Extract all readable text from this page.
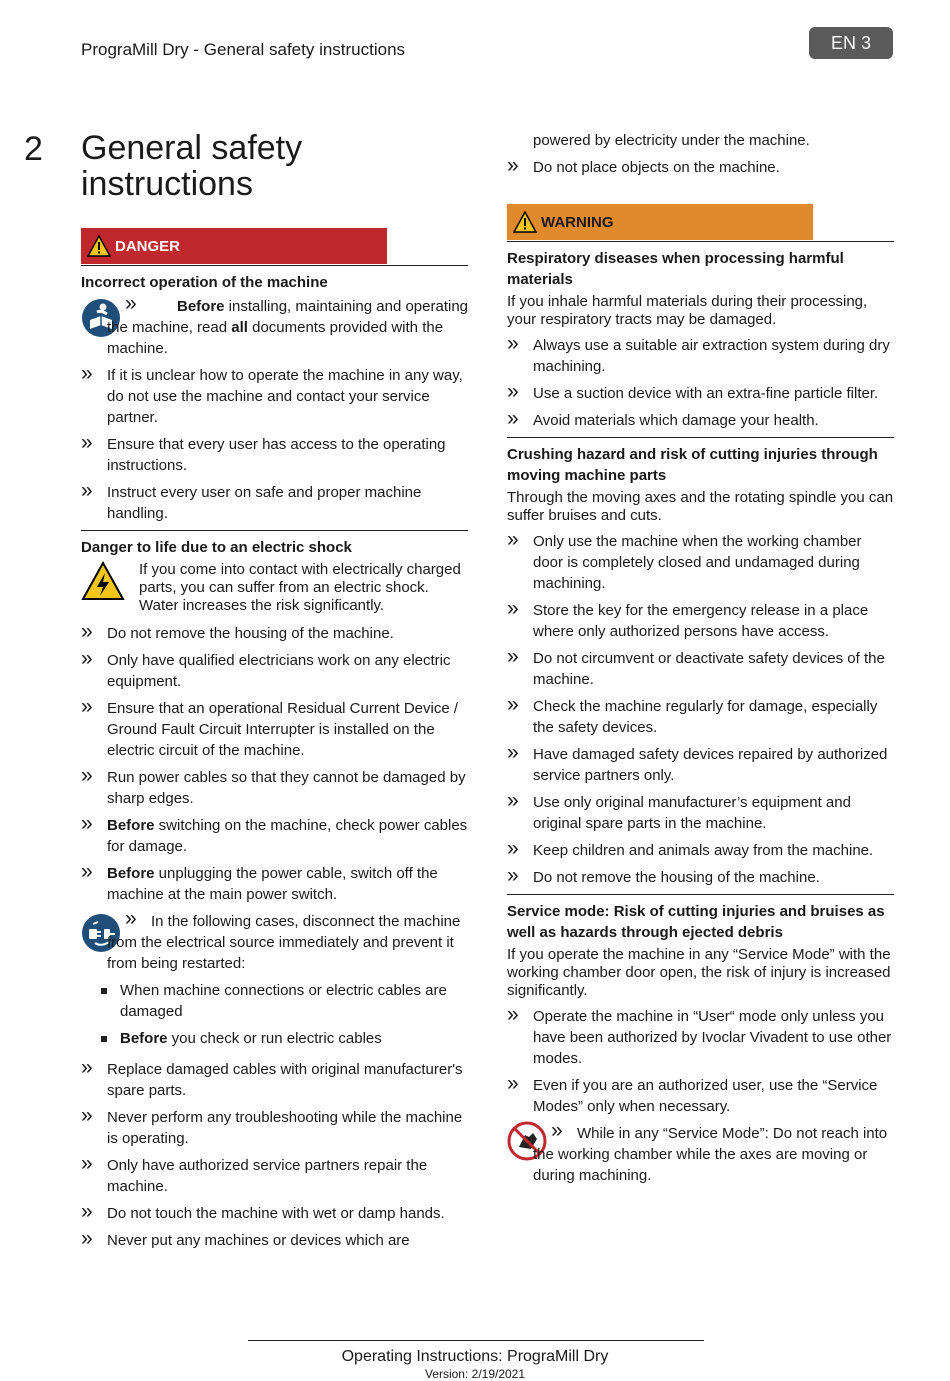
PrograMill Dry - General safety instructions	EN 3
2 General safety instructions
DANGER

Incorrect operation of the machine

»	Before installing, maintaining and operating the machine, read all documents provided with the machine.
» If it is unclear how to operate the machine in any way, do not use the machine and contact your service partner.
» Ensure that every user has access to the operating instructions.
» Instruct every user on safe and proper machine handling.

Danger to life due to an electric shock

If you come into contact with electrically charged parts, you can suffer from an electric shock. Water increases the risk significantly.

» Do not remove the housing of the machine.
» Only have qualified electricians work on any electric equipment.
» Ensure that an operational Residual Current Device / Ground Fault Circuit Interrupter is installed on the electric circuit of the machine.
» Run power cables so that they cannot be damaged by sharp edges.
» Before switching on the machine, check power cables for damage.
» Before unplugging the power cable, switch off the machine at the main power switch.
» In the following cases, disconnect the machine from the electrical source immediately and prevent it from being restarted:
When machine connections or electric cables are damaged
Before you check or run electric cables
» Replace damaged cables with original manufacturer's spare parts.
» Never perform any troubleshooting while the machine is operating.
» Only have authorized service partners repair the machine.
» Do not touch the machine with wet or damp hands.
» Never put any machines or devices which are

powered by electricity under the machine.

» Do not place objects on the machine.
WARNING

Respiratory diseases when processing harmful materials

If you inhale harmful materials during their processing, your respiratory tracts may be damaged.

» Always use a suitable air extraction system during dry machining.
» Use a suction device with an extra-fine particle filter.
» Avoid materials which damage your health.

Crushing hazard and risk of cutting injuries through moving machine parts

Through the moving axes and the rotating spindle you can suffer bruises and cuts.

» Only use the machine when the working chamber door is completely closed and undamaged during machining.
» Store the key for the emergency release in a place where only authorized persons have access.
» Do not circumvent or deactivate safety devices of the machine.
» Check the machine regularly for damage, especially the safety devices.
» Have damaged safety devices repaired by authorized service partners only.
» Use only original manufacturer’s equipment and original spare parts in the machine.
» Keep children and animals away from the machine.
» Do not remove the housing of the machine.

Service mode: Risk of cutting injuries and bruises as well as hazards through ejected debris

If you operate the machine in any “Service Mode” with the working chamber door open, the risk of injury is increased significantly.

» Operate the machine in “User“ mode only unless you have been authorized by Ivoclar Vivadent to use other modes.
» Even if you are an authorized user, use the “Service Modes” only when necessary.
» While in any “Service Mode”: Do not reach into the working chamber while the axes are moving or during machining.
Operating Instructions: PrograMill Dry
Version: 2/19/2021
